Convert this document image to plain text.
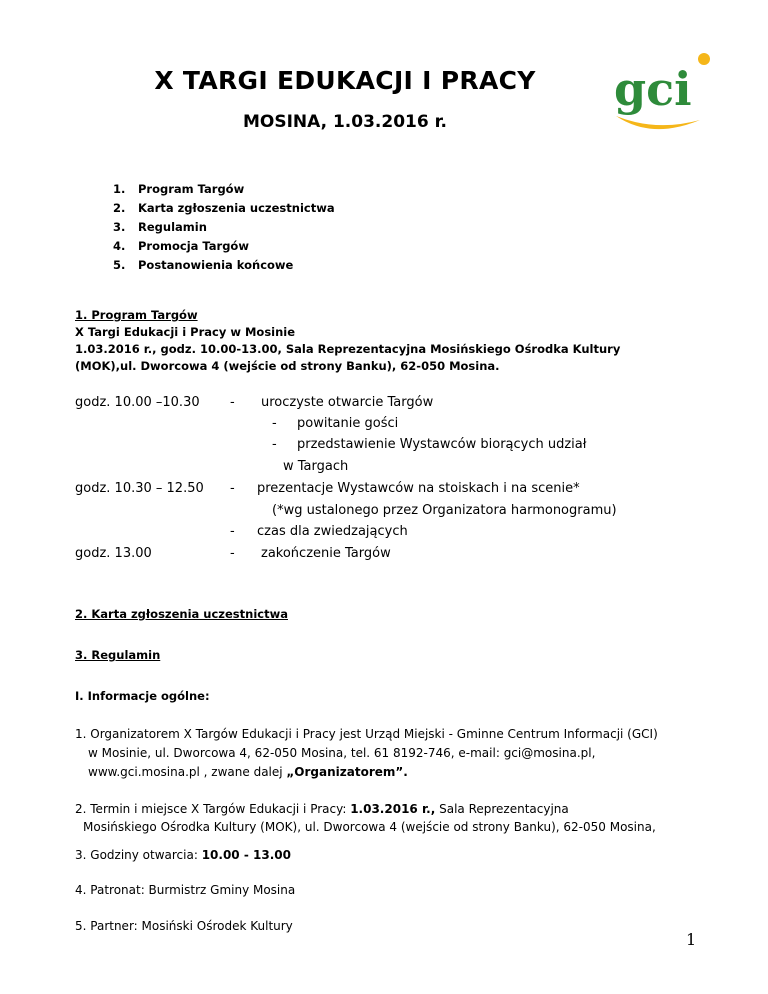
X TARGI EDUKACJI I PRACY
MOSINA, 1.03.2016 r.
gci
1. Program Targów
2. Karta zgłoszenia uczestnictwa
3. Regulamin
4. Promocja Targów
5. Postanowienia końcowe
1. Program Targów
X Targi Edukacji i Pracy w Mosinie
1.03.2016 r., godz. 10.00-13.00, Sala Reprezentacyjna Mosińskiego Ośrodka Kultury
(MOK),ul. Dworcowa 4 (wejście od strony Banku), 62-050 Mosina.
godz. 10.00 –10.30 - uroczyste otwarcie Targów
- powitanie gości
- przedstawienie Wystawców biorących udział
w Targach
godz. 10.30 – 12.50 - prezentacje Wystawców na stoiskach i na scenie*
(*wg ustalonego przez Organizatora harmonogramu)
- czas dla zwiedzających
godz. 13.00	- zakończenie Targów
2. Karta zgłoszenia uczestnictwa
3. Regulamin
I. Informacje ogólne:
1. Organizatorem X Targów Edukacji i Pracy jest Urząd Miejski - Gminne Centrum Informacji (GCI)
w Mosinie, ul. Dworcowa 4, 62-050 Mosina, tel. 61 8192-746, e-mail: gci@mosina.pl,
www.gci.mosina.pl , zwane dalej „Organizatorem”.
2. Termin i miejsce X Targów Edukacji i Pracy: 1.03.2016 r., Sala Reprezentacyjna
Mosińskiego Ośrodka Kultury (MOK), ul. Dworcowa 4 (wejście od strony Banku), 62-050 Mosina,
3. Godziny otwarcia: 10.00 - 13.00
4. Patronat: Burmistrz Gminy Mosina
5. Partner: Mosiński Ośrodek Kultury
1
